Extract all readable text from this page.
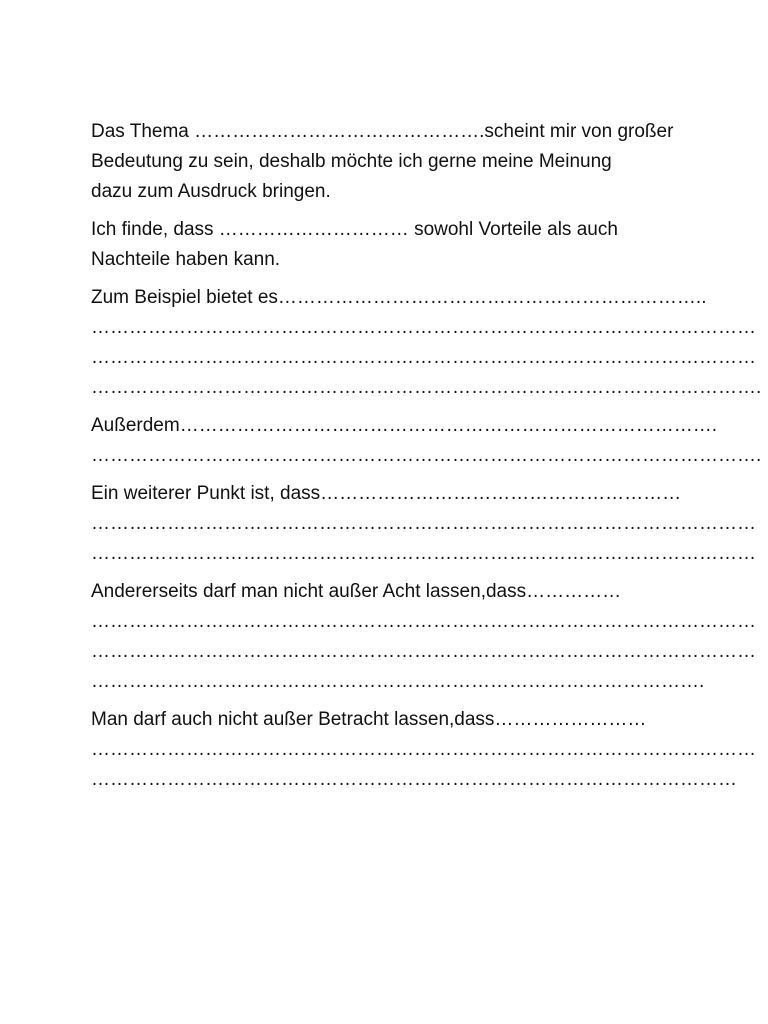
Das Thema ……………………………………….scheint mir von großer
Bedeutung zu sein, deshalb möchte ich gerne meine Meinung
dazu zum Ausdruck bringen.

Ich finde, dass ………………………… sowohl Vorteile als auch
Nachteile haben kann.

Zum Beispiel bietet es…………………………………………………………..
……………………………………………………………………………………………
……………………………………………………………………………………………
…………………………………………………………………………………………….

Außerdem………………………………………………………………………….
…………………………………………………………………………………………….

Ein weiterer Punkt ist, dass…………………………………………………
……………………………………………………………………………………………
……………………………………………………………………………………………

Andererseits darf man nicht außer Acht lassen,dass……………
……………………………………………………………………………………………
……………………………………………………………………………………………
…………………………………………………………………………………….

Man darf auch nicht außer Betracht lassen,dass……………………
……………………………………………………………………………………………
…………………………………………………………………………………………
